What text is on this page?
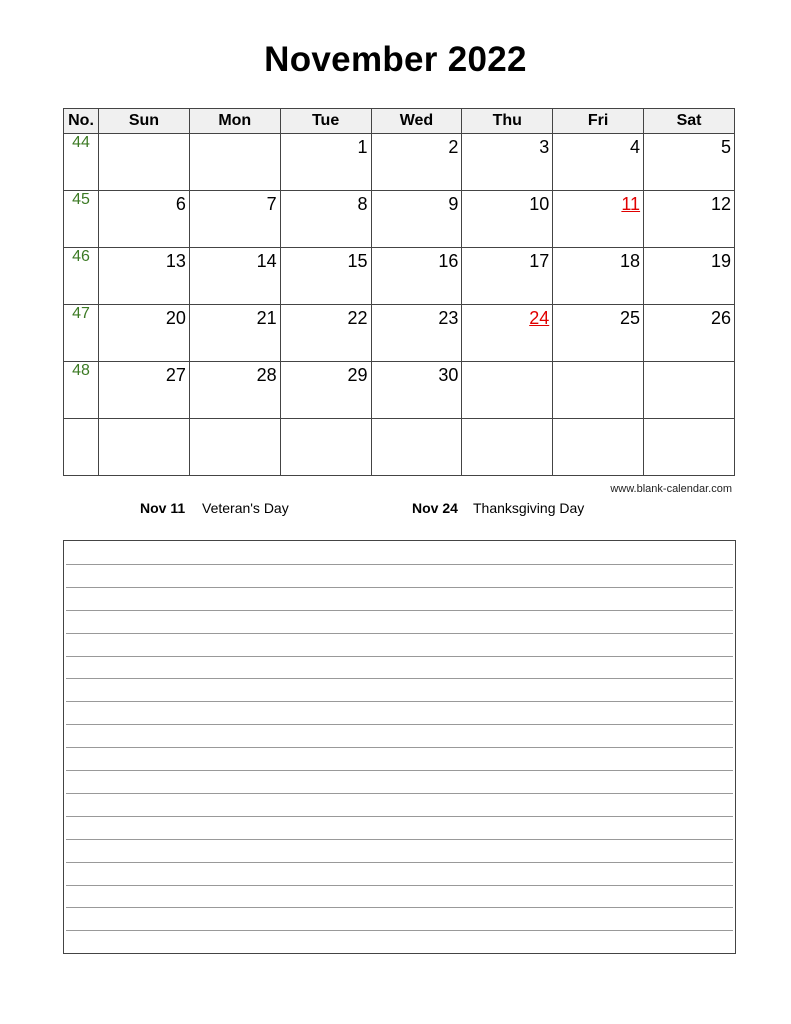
November 2022
No.	Sun	Mon	Tue	Wed	Thu	Fri	Sat
44			1	2	3	4	5

45	6	7	8	9	10	11	12

46	13	14	15	16	17	18	19

47	20	21	22	23	24	25	26

48	27	28	29	30			

www.blank-calendar.com
Nov 11 Veteran's Day	Nov 24 Thanksgiving Day
